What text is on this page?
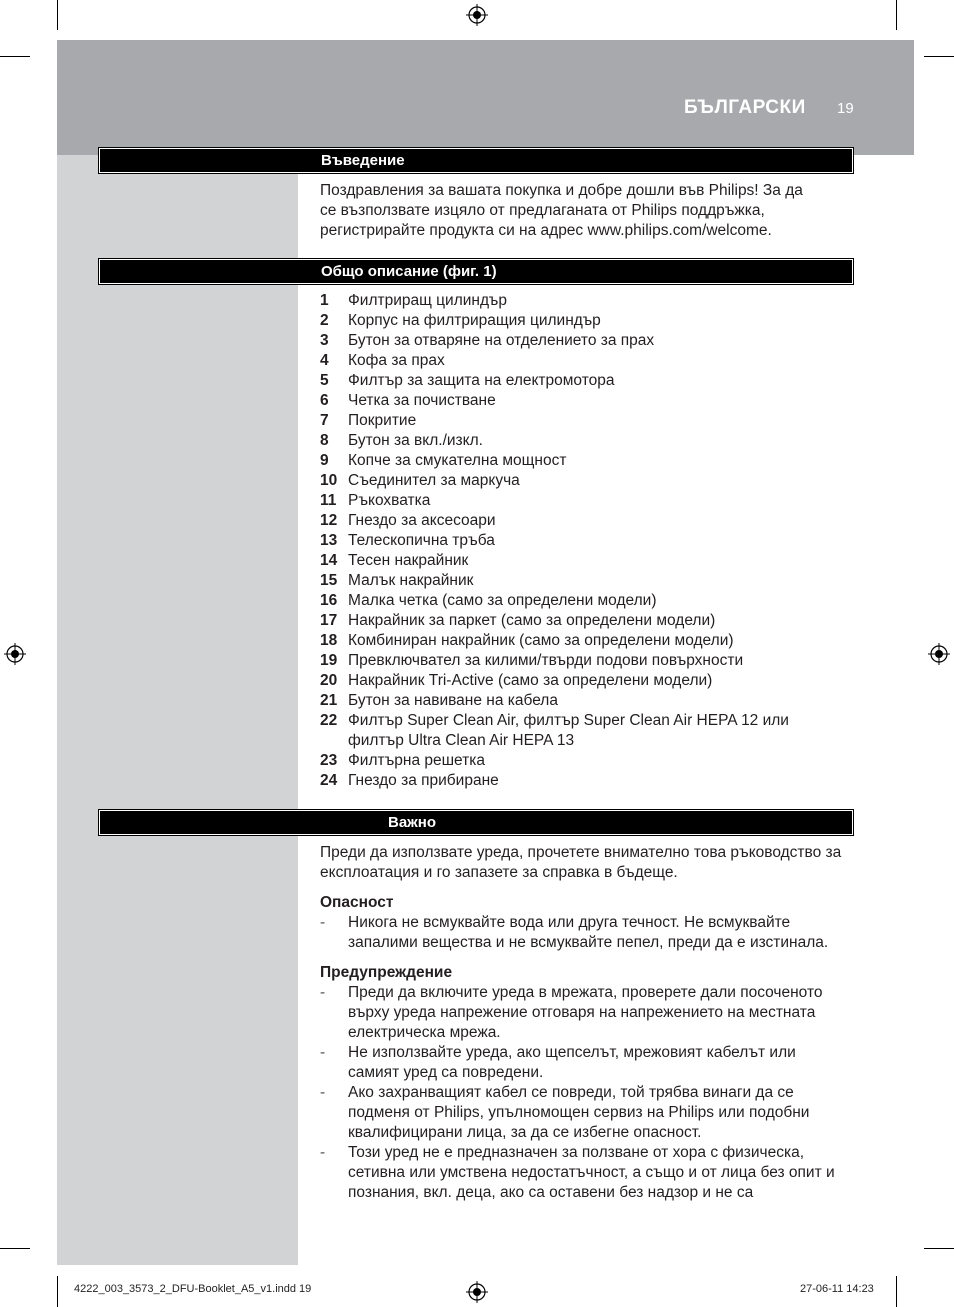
БЪЛГАРСКИ 19
Въведение

Поздравления за вашата покупка и добре дошли във Philips! За да се възползвате изцяло от предлаганата от Philips поддръжка, регистрирайте продукта си на адрес www.philips.com/welcome.

Общо описание (фиг. 1)
1 Филтриращ цилиндър
2 Корпус на филтриращия цилиндър
3 Бутон за отваряне на отделението за прах
4 Кофа за прах
5 Филтър за защита на електромотора
6 Четка за почистване
7 Покритие
8 Бутон за вкл./изкл.
9 Копче за смукателна мощност
10 Съединител за маркуча
11 Ръкохватка
12 Гнездо за аксесоари
13 Телескопична тръба
14 Тесен накрайник
15 Малък накрайник
16 Малка четка (само за определени модели)
17 Накрайник за паркет (само за определени модели)
18 Комбиниран накрайник (само за определени модели)
19 Превключвател за килими/твърди подови повърхности
20 Накрайник Tri-Active (само за определени модели)
21 Бутон за навиване на кабела
22 Филтър Super Clean Air, филтър Super Clean Air HEPA 12 или филтър Ultra Clean Air HEPA 13
23 Филтърна решетка
24 Гнездо за прибиране
Важно

Преди да използвате уреда, прочетете внимателно това ръководство за експлоатация и го запазете за справка в бъдеще.

Опасност

- Никога не всмуквайте вода или друга течност. Не всмуквайте запалими вещества и не всмуквайте пепел, преди да е изстинала.

Предупреждение

- Преди да включите уреда в мрежата, проверете дали посоченото върху уреда напрежение отговаря на напрежението на местната електрическа мрежа.
- Не използвайте уреда, ако щепселът, мрежовият кабелът или самият уред са повредени.
- Ако захранващият кабел се повреди, той трябва винаги да се подменя от Philips, упълномощен сервиз на Philips или подобни квалифицирани лица, за да се избегне опасност.
- Този уред не е предназначен за ползване от хора с физическа, сетивна или умствена недостатъчност, а също и от лица без опит и познания, вкл. деца, ако са оставени без надзор и не са
4222_003_3573_2_DFU-Booklet_A5_v1.indd 19	27-06-11 14:23
